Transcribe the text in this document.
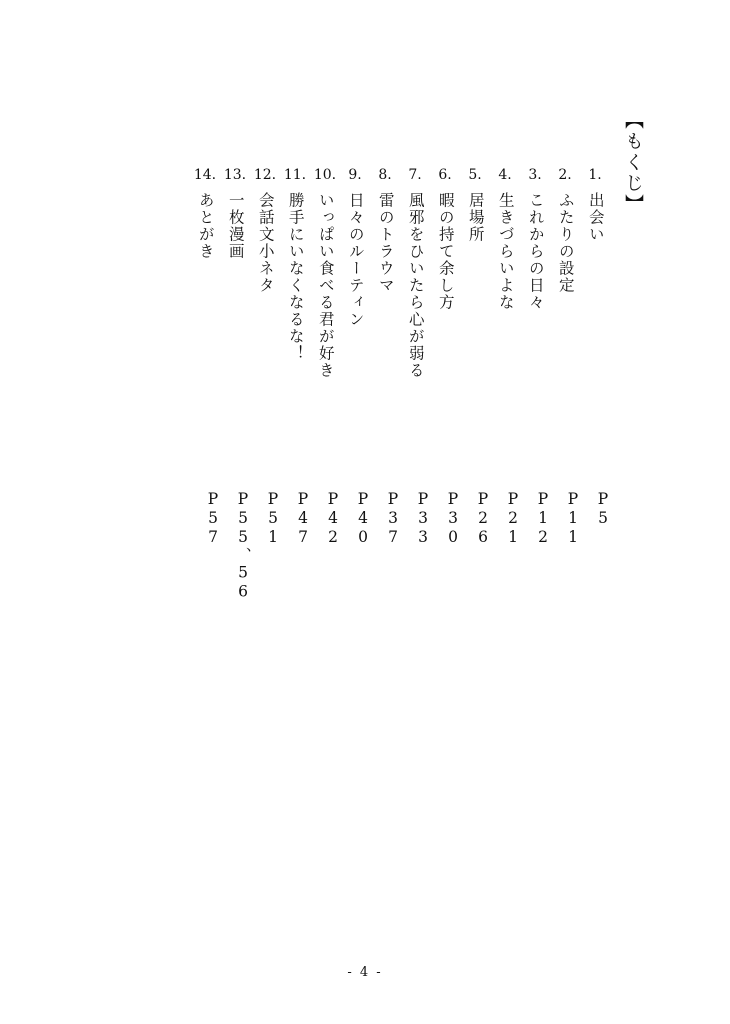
【もくじ】
14.
あとがき
13.
一枚漫画
12.
会話文小ネタ
11.
勝手にいなくなるな！
10.
いっぱい食べる君が好き
9.
日々のルーティン
8.
雷のトラウマ
7.
風邪をひいたら心が弱る
6.
暇の持て余し方
5.
居場所
4.
生きづらいよな
3.
これからの日々
2.
ふたりの設定
1.
出会い
P57 P55、56 P51 P47 P42 P40 P37 P33 P30 P26 P21 P12 P11 P5
- 4 -
